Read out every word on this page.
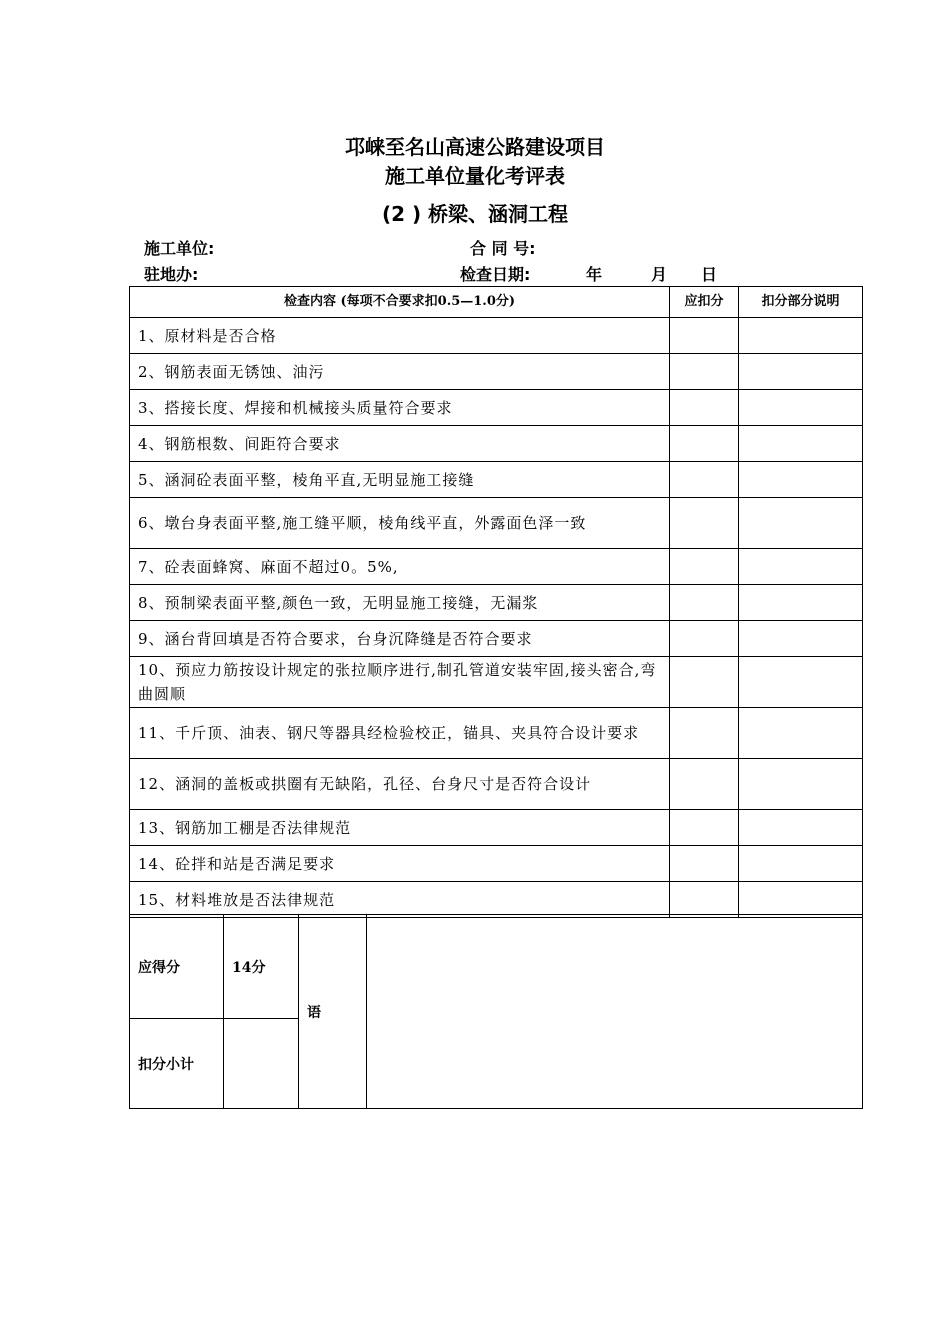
邛崃至名山高速公路建设项目
施工单位量化考评表
(2 ) 桥梁、涵洞工程
施工单位:	合 同 号:
驻地办:	检查日期:	年	月 日
检查内容 (每项不合要求扣0.5—1.0分)	应扣分	扣分部分说明
1、原材料是否合格		
2、钢筋表面无锈蚀、油污		
3、搭接长度、焊接和机械接头质量符合要求		
4、钢筋根数、间距符合要求		
5、涵洞砼表面平整，棱角平直,无明显施工接缝		
6、墩台身表面平整,施工缝平顺，棱角线平直，外露面色泽一致		
7、砼表面蜂窝、麻面不超过0。5%,		
8、预制梁表面平整,颜色一致，无明显施工接缝，无漏浆		
9、涵台背回填是否符合要求，台身沉降缝是否符合要求		
10、预应力筋按设计规定的张拉顺序进行,制孔管道安装牢固,接头密合,弯曲圆顺		
11、千斤顶、油表、钢尺等器具经检验校正，锚具、夹具符合设计要求		
12、涵洞的盖板或拱圈有无缺陷，孔径、台身尺寸是否符合设计		
13、钢筋加工棚是否法律规范		
14、砼拌和站是否满足要求		
15、材料堆放是否法律规范		
应得分	14分	语	
扣分小计			
